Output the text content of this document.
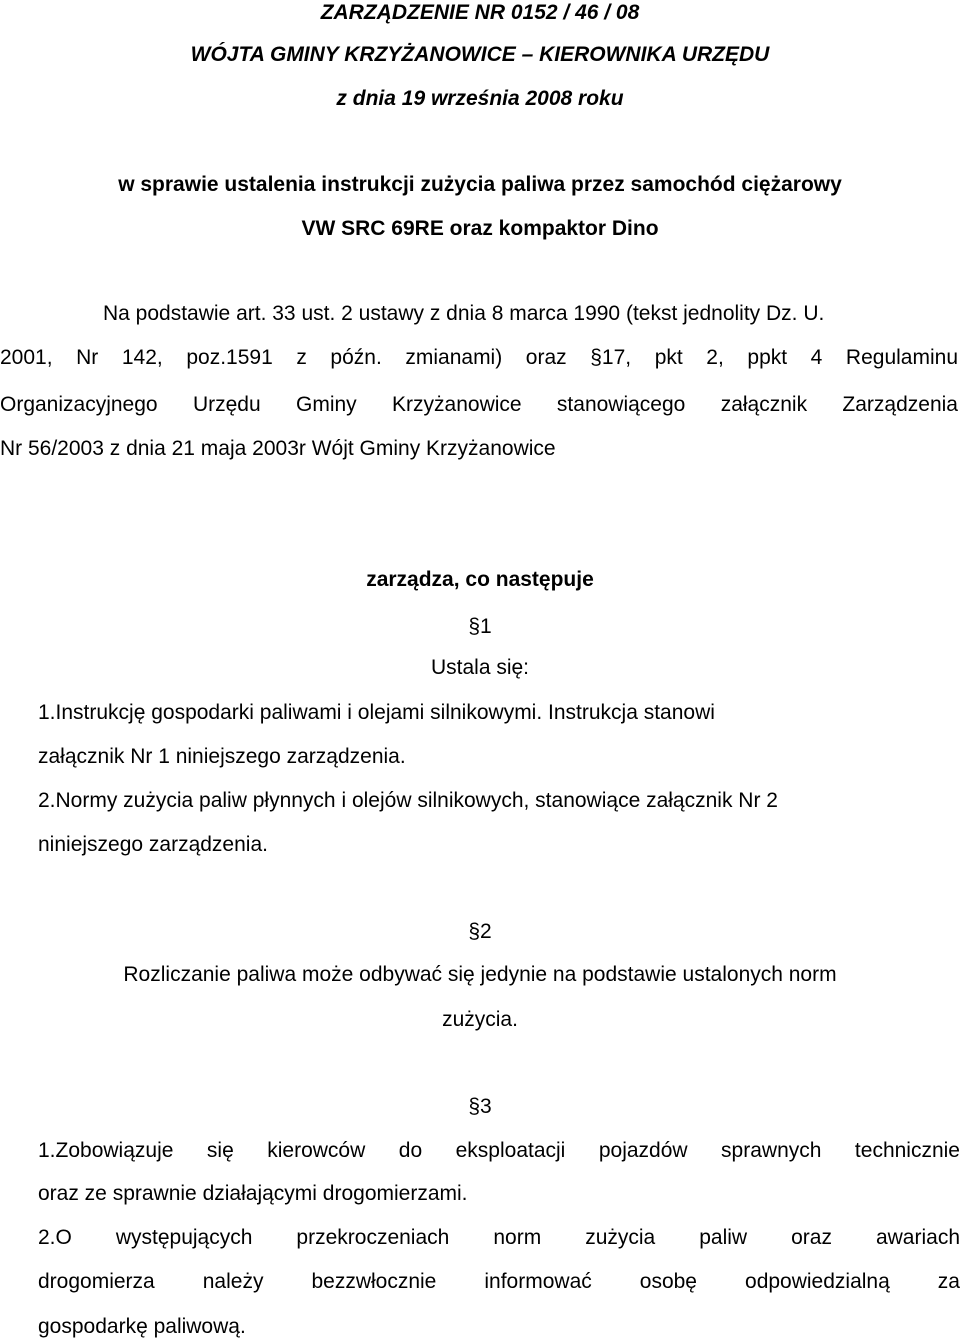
ZARZĄDZENIE NR 0152 / 46 / 08
WÓJTA GMINY KRZYŻANOWICE – KIEROWNIKA URZĘDU
z dnia 19 września 2008 roku
w sprawie ustalenia instrukcji zużycia paliwa przez samochód ciężarowy
VW SRC 69RE oraz kompaktor Dino
Na podstawie art. 33 ust. 2 ustawy z dnia 8 marca 1990 (tekst jednolity Dz. U.
2001, Nr 142, poz.1591 z późn. zmianami) oraz §17, pkt 2, ppkt 4 Regulaminu
Organizacyjnego Urzędu Gminy Krzyżanowice stanowiącego załącznik Zarządzenia
Nr 56/2003 z dnia 21 maja 2003r Wójt Gminy Krzyżanowice
zarządza, co następuje
§1
Ustala się:
1.Instrukcję gospodarki paliwami i olejami silnikowymi. Instrukcja stanowi
załącznik Nr 1 niniejszego zarządzenia.
2.Normy zużycia paliw płynnych i olejów silnikowych, stanowiące załącznik Nr 2
niniejszego zarządzenia.
§2
Rozliczanie paliwa może odbywać się jedynie na podstawie ustalonych norm
zużycia.
§3
1.Zobowiązuje się kierowców do eksploatacji pojazdów sprawnych technicznie
oraz ze sprawnie działającymi drogomierzami.
2.O występujących przekroczeniach norm zużycia paliw oraz awariach
drogomierza należy bezzwłocznie informować osobę odpowiedzialną za
gospodarkę paliwową.
